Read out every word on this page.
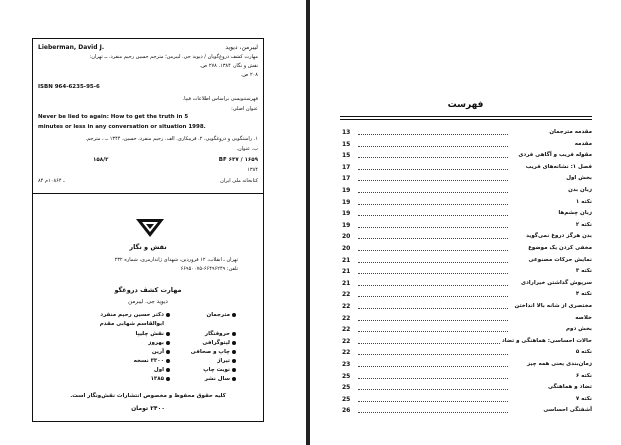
Lieberman, David J.	لیبرمن، دیوید
مهارت کشف دروغ‌گویان / دیوید جی. لیبرمن؛ مترجم حسین رحیم منفرد. ــ تهران:
نقش و نگار، ۱۳۸۴. ۲۷۸ ص.
۲۰۸ ص.
ISBN 964-6235-95-6
فهرستنویسی براساس اطلاعات فیپا.
عنوان اصلی:
Never be lied to again: How to get the truth in 5
minutes or less in any conversation or situation 1998.
۱. راستگویی و دروغگویی. ۲. فریبکاری. الف. رحیم منفرد، حسین، ۱۳۴۴ ــ ، مترجم.
ب. عنوان.
۱۶۵۹ / BF ۶۳۷
۱۵۸/۲
۱۳۸۴
کتابخانه ملی ایران
۸۴ ـ ۱۰۸۶۴م
نقش و نگار
تهران ـ انقلاب، ۱۲ فروردین، شهدای ژاندارمری، شماره ۲۳۲
تلفن: ۶۶۴۹۶۲۴۹-۶۶۹۵۰۰۷۵
مهارت کشف دروغگو
دیوید جی. لیبرمن
مترجمان
دکتر حسین رحیم منفرد
ابوالقاسم شهابی مقدم
حروفنگار
نقش چلیپا
لیتوگرافی
بهروز
چاپ و صحافی
آرین
تیراژ
۳۳۰۰ نسخه
نوبت چاپ
اول
سال نشر
۱۳۸۵
کلیه حقوق محفوظ و مخصوص انتشارات نقش‌ونگار است.
۲۴۰۰ تومان
فهرست
13	مقدمه مترجمان
15	مقدمه
15	مقوله فریب و آگاهی فردی
17	فصل ۱: نشانه‌های فریب
17	بخش اول
19	زبان بدن
19	نکته ۱
19	زبان چشم‌ها
19	نکته ۲
20	بدن هرگز دروغ نمی‌گوید
20	مخفی کردن یک موضوع
21	نمایش حرکات مصنوعی
21	نکته ۳
21	سرپوش گذاشتن خیرارادی
22	نکته ۴
22	مختصری از شانه بالا انداختن
22	خلاصه
22	بخش دوم
22	حالات احساسی: هماهنگی و تضاد
22	نکته ۵
23	زمان‌بندی یعنی همه چیز
25	نکته ۶
25	تضاد و هماهنگی
25	نکته ۷
26	آشفتگی احساسی
